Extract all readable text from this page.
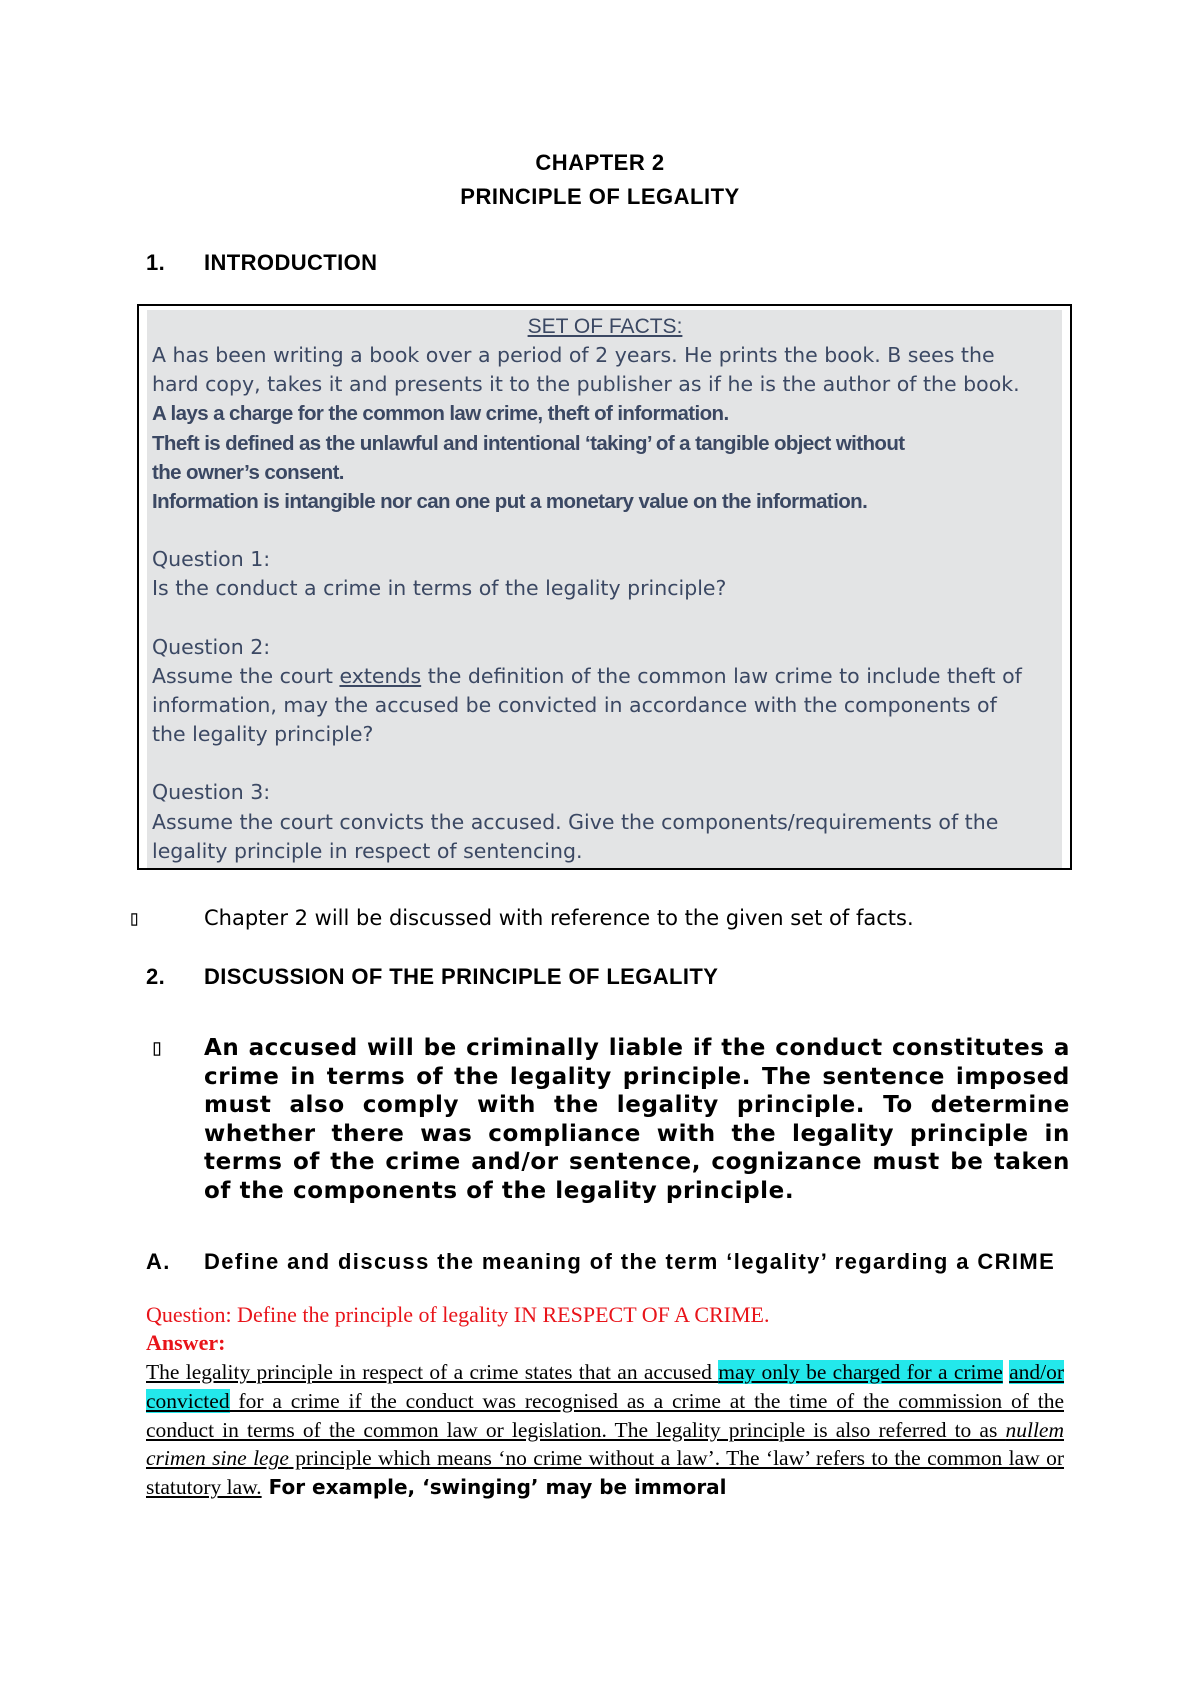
CHAPTER 2
PRINCIPLE OF LEGALITY
1. INTRODUCTION
SET OF FACTS:
A has been writing a book over a period of 2 years. He prints the book. B sees the
hard copy, takes it and presents it to the publisher as if he is the author of the book.
A lays a charge for the common law crime, theft of information.
Theft is defined as the unlawful and intentional ‘taking’ of a tangible object without
the owner’s consent.
Information is intangible nor can one put a monetary value on the information.
Question 1:
Is the conduct a crime in terms of the legality principle?
Question 2:
Assume the court extends the definition of the common law crime to include theft of
information, may the accused be convicted in accordance with the components of
the legality principle?
Question 3:
Assume the court convicts the accused. Give the components/requirements of the
legality principle in respect of sentencing.
▯	Chapter 2 will be discussed with reference to the given set of facts.
2. DISCUSSION OF THE PRINCIPLE OF LEGALITY
▯ An accused will be criminally liable if the conduct constitutes a crime in terms of the legality principle. The sentence imposed must also comply with the legality principle. To determine whether there was compliance with the legality principle in terms of the crime and/or sentence, cognizance must be taken of the components of the legality principle.
A. Define and discuss the meaning of the term ‘legality’ regarding a CRIME
Question: Define the principle of legality IN RESPECT OF A CRIME.
Answer:
The legality principle in respect of a crime states that an accused may only be charged for a crime and/or convicted for a crime if the conduct was recognised as a crime at the time of the commission of the conduct in terms of the common law or legislation. The legality principle is also referred to as nullem crimen sine lege principle which means ‘no crime without a law’. The ‘law’ refers to the common law or statutory law. For example, ‘swinging’ may be immoral
